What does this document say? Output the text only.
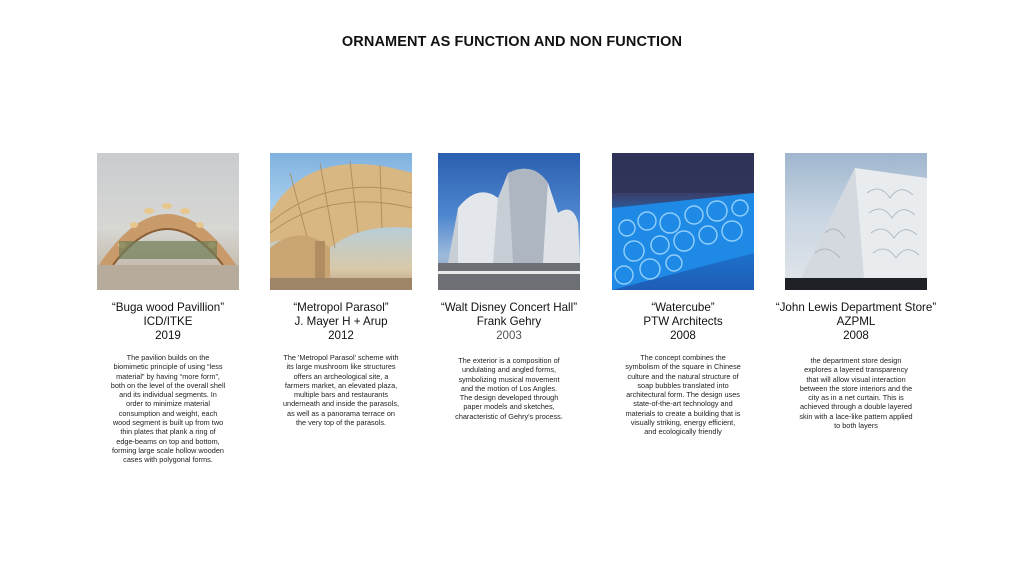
ORNAMENT AS FUNCTION AND NON FUNCTION
“Buga wood Pavillion”
ICD/ITKE
2019
The pavilion builds on the biomimetic principle of using “less material” by having “more form”, both on the level of the overall shell and its individual segments. In order to minimize material consumption and weight, each wood segment is built up from two thin plates that plank a ring of edge-beams on top and bottom, forming large scale hollow wooden cases with polygonal forms.
“Metropol Parasol”
J. Mayer H + Arup
2012
The 'Metropol Parasol' scheme with its large mushroom like structures offers an archeological site, a farmers market, an elevated plaza, multiple bars and restaurants underneath and inside the parasols, as well as a panorama terrace on the very top of the parasols.
“Walt Disney Concert Hall”
Frank Gehry
2003
The exterior is a composition of undulating and angled forms, symbolizing musical movement and the motion of Los Angles. The design developed through paper models and sketches, characteristic of Gehry's process.
“Watercube”
PTW Architects
2008
The concept combines the symbolism of the square in Chinese culture and the natural structure of soap bubbles translated into architectural form. The design uses state-of-the-art technology and materials to create a building that is visually striking, energy efficient, and ecologically friendly
“John Lewis Department Store”
AZPML
2008
the department store design explores a layered transparency that will allow visual interaction between the store interiors and the city as in a net curtain. This is achieved through a double layered skin with a lace-like pattern applied to both layers
